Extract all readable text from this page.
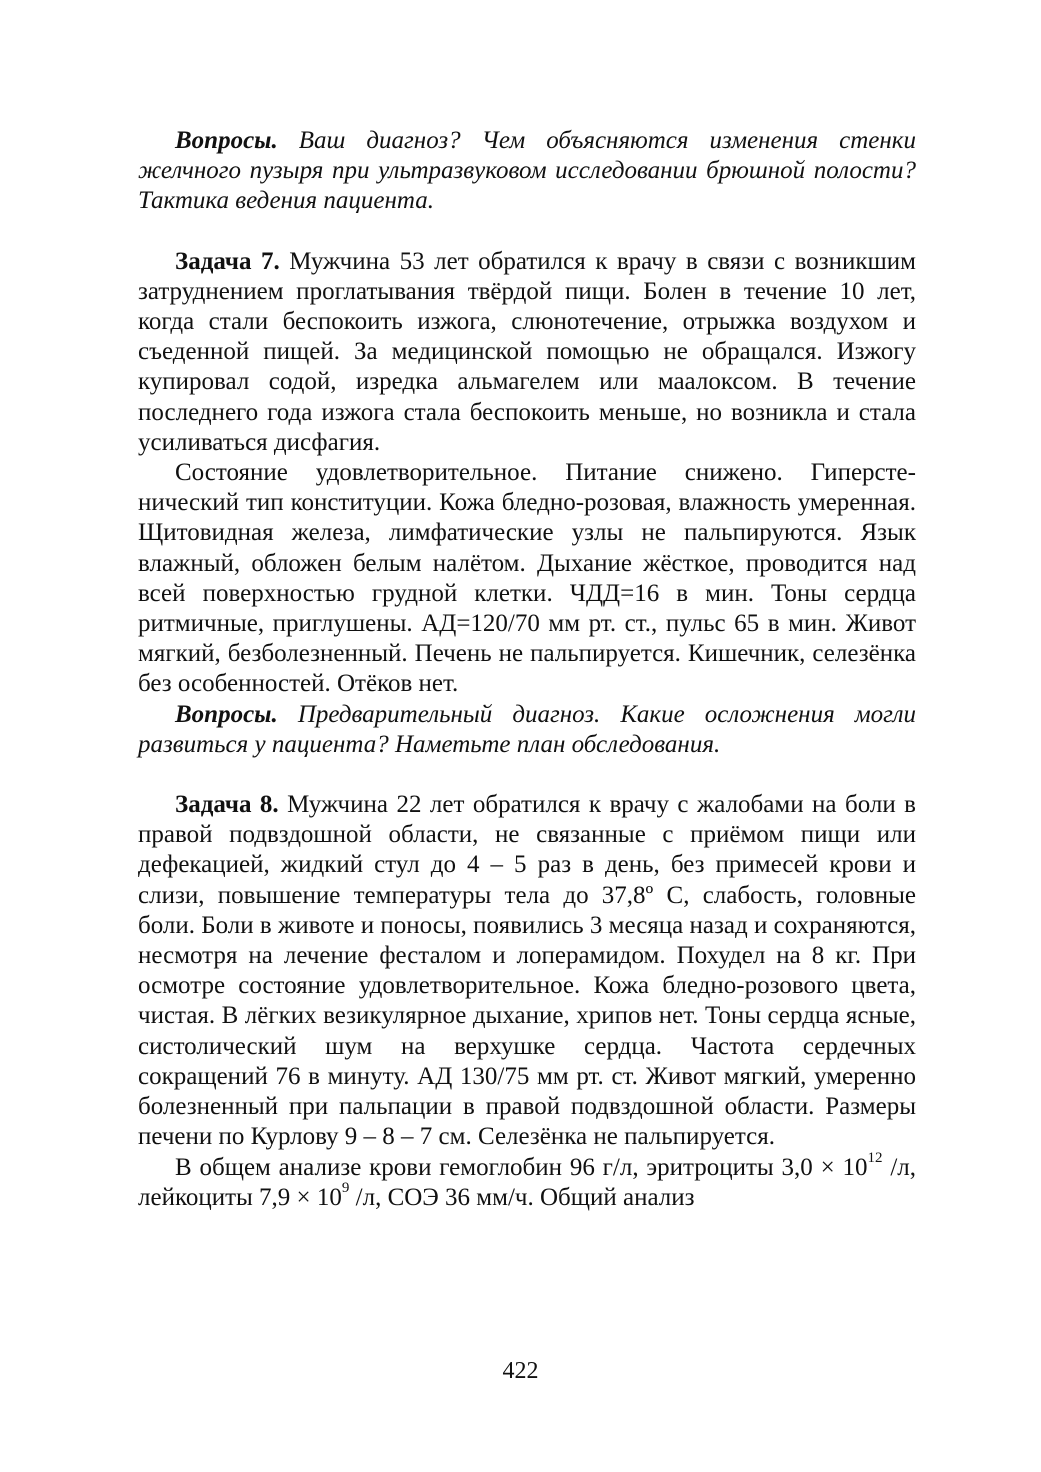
Вопросы. Ваш диагноз? Чем объясняются изменения стенки желчного пузыря при ультразвуковом исследовании брюшной полости? Тактика ведения пациента.

Задача 7. Мужчина 53 лет обратился к врачу в связи с возникшим затруднением проглатывания твёрдой пищи. Болен в течение 10 лет, когда стали беспокоить изжога, слюнотечение, отрыжка воздухом и съеденной пищей. За медицинской помощью не обращался. Изжогу купировал содой, изредка альмагелем или маалоксом. В течение последнего года изжога стала беспокоить меньше, но возникла и стала усиливаться дисфагия.

Состояние удовлетворительное. Питание снижено. Гиперстенический тип конституции. Кожа бледно-розовая, влажность умеренная. Щитовидная железа, лимфатические узлы не пальпируются. Язык влажный, обложен белым налётом. Дыхание жёсткое, проводится над всей поверхностью грудной клетки. ЧДД=16 в мин. Тоны сердца ритмичные, приглушены. АД=120/70 мм рт. ст., пульс 65 в мин. Живот мягкий, безболезненный. Печень не пальпируется. Кишечник, селезёнка без особенностей. Отёков нет.

Вопросы. Предварительный диагноз. Какие осложнения могли развиться у пациента? Наметьте план обследования.

Задача 8. Мужчина 22 лет обратился к врачу с жалобами на боли в правой подвздошной области, не связанные с приёмом пищи или дефекацией, жидкий стул до 4 – 5 раз в день, без примесей крови и слизи, повышение температуры тела до 37,8º С, слабость, головные боли. Боли в животе и поносы, появились 3 месяца назад и сохраняются, несмотря на лечение фесталом и лоперамидом. Похудел на 8 кг. При осмотре состояние удовлетворительное. Кожа бледно-розового цвета, чистая. В лёгких везикулярное дыхание, хрипов нет. Тоны сердца ясные, систолический шум на верхушке сердца. Частота сердечных сокращений 76 в минуту. АД 130/75 мм рт. ст. Живот мягкий, умеренно болезненный при пальпации в правой подвздошной области. Размеры печени по Курлову 9 – 8 – 7 см. Селезёнка не пальпируется.

В общем анализе крови гемоглобин 96 г/л, эритроциты $3,0 \times 10^{12}$ /л, лейкоциты $7,9 \times 10^9$ /л, СОЭ 36 мм/ч. Общий анализ

422
